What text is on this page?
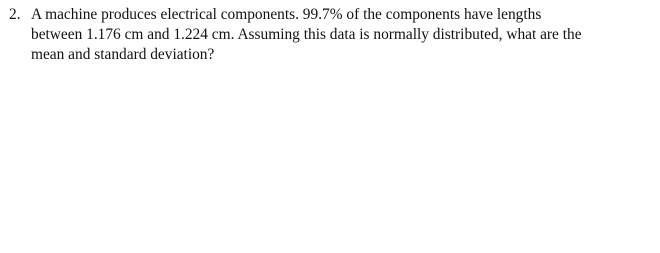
2. A machine produces electrical components. 99.7% of the components have lengths
between 1.176 cm and 1.224 cm. Assuming this data is normally distributed, what are the
mean and standard deviation?
